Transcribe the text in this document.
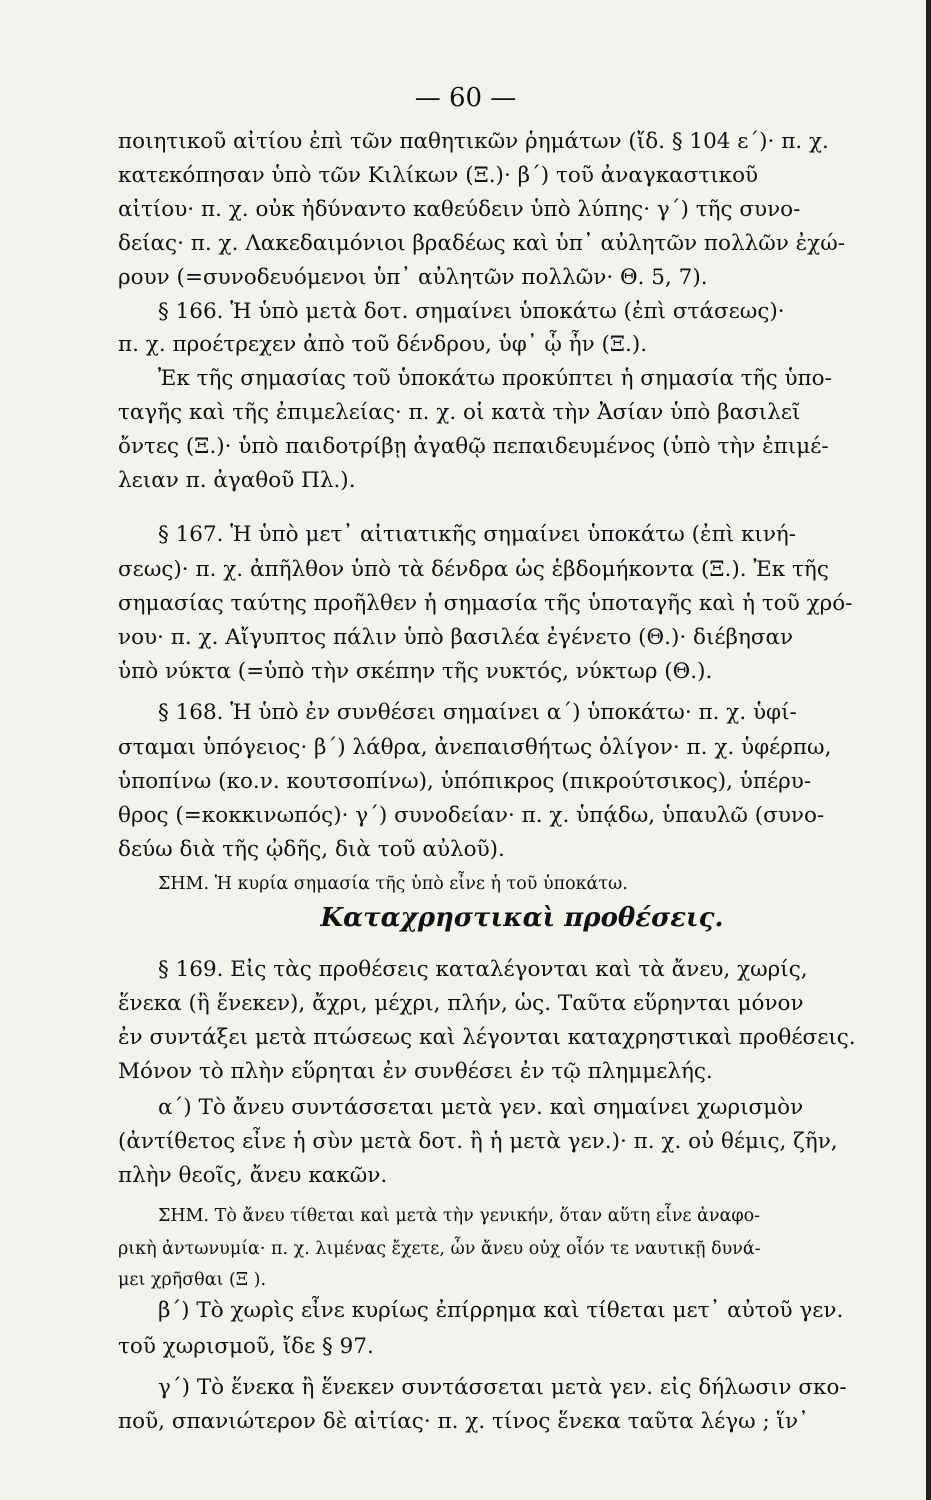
— 60 —
ποιητικοῦ αἰτίου ἐπὶ τῶν παθητικῶν ῥημάτων (ἴδ. § 104 ε΄)· π. χ.
κατεκόπησαν ὑπὸ τῶν Κιλίκων (Ξ.)· β΄) τοῦ ἀναγκαστικοῦ
αἰτίου· π. χ. οὐκ ἠδύναντο καθεύδειν ὑπὸ λύπης· γ΄) τῆς συνο-
δείας· π. χ. Λακεδαιμόνιοι βραδέως καὶ ὑπ᾿ αὐλητῶν πολλῶν ἐχώ-
ρουν (=συνοδευόμενοι ὑπ᾿ αὐλητῶν πολλῶν· Θ. 5, 7).
§ 166. Ἡ ὑπὸ μετὰ δοτ. σημαίνει ὑποκάτω (ἐπὶ στάσεως)·
π. χ. προέτρεχεν ἀπὸ τοῦ δένδρου, ὑφ᾿ ᾧ ἦν (Ξ.).
Ἐκ τῆς σημασίας τοῦ ὑποκάτω προκύπτει ἡ σημασία τῆς ὑπο-
ταγῆς καὶ τῆς ἐπιμελείας· π. χ. οἱ κατὰ τὴν Ἀσίαν ὑπὸ βασιλεῖ
ὄντες (Ξ.)· ὑπὸ παιδοτρίβῃ ἀγαθῷ πεπαιδευμένος (ὑπὸ τὴν ἐπιμέ-
λειαν π. ἀγαθοῦ Πλ.).
§ 167. Ἡ ὑπὸ μετ᾿ αἰτιατικῆς σημαίνει ὑποκάτω (ἐπὶ κινή-
σεως)· π. χ. ἀπῆλθον ὑπὸ τὰ δένδρα ὡς ἑβδομήκοντα (Ξ.). Ἐκ τῆς
σημασίας ταύτης προῆλθεν ἡ σημασία τῆς ὑποταγῆς καὶ ἡ τοῦ χρό-
νου· π. χ. Αἴγυπτος πάλιν ὑπὸ βασιλέα ἐγένετο (Θ.)· διέβησαν
ὑπὸ νύκτα (=ὑπὸ τὴν σκέπην τῆς νυκτός, νύκτωρ (Θ.).
§ 168. Ἡ ὑπὸ ἐν συνθέσει σημαίνει α΄) ὑποκάτω· π. χ. ὑφί-
σταμαι ὑπόγειος· β΄) λάθρα, ἀνεπαισθήτως ὀλίγον· π. χ. ὑφέρπω,
ὑποπίνω (κο.ν. κουτσοπίνω), ὑπόπικρος (πικρούτσικος), ὑπέρυ-
θρος (=κοκκινωπός)· γ΄) συνοδείαν· π. χ. ὑπᾴδω, ὑπαυλῶ (συνο-
δεύω διὰ τῆς ᾠδῆς, διὰ τοῦ αὐλοῦ).
ΣΗΜ. Ἡ κυρία σημασία τῆς ὑπὸ εἶνε ἡ τοῦ ὑποκάτω.
Καταχρηστικαὶ προθέσεις.
§ 169. Εἰς τὰς προθέσεις καταλέγονται καὶ τὰ ἄνευ, χωρίς,
ἕνεκα (ἢ ἕνεκεν), ἄχρι, μέχρι, πλήν, ὡς. Ταῦτα εὕρηνται μόνον
ἐν συντάξει μετὰ πτώσεως καὶ λέγονται καταχρηστικαὶ προθέσεις.
Μόνον τὸ πλὴν εὕρηται ἐν συνθέσει ἐν τῷ πλημμελής.
α΄) Τὸ ἄνευ συντάσσεται μετὰ γεν. καὶ σημαίνει χωρισμὸν
(ἀντίθετος εἶνε ἡ σὺν μετὰ δοτ. ἢ ἡ μετὰ γεν.)· π. χ. οὐ θέμις, ζῆν,
πλὴν θεοῖς, ἄνευ κακῶν.
ΣΗΜ. Τὸ ἄνευ τίθεται καὶ μετὰ τὴν γενικήν, ὅταν αὕτη εἶνε ἀναφο-
ρικὴ ἀντωνυμία· π. χ. λιμένας ἔχετε, ὧν ἄνευ οὐχ οἷόν τε ναυτικῇ δυνά-
μει χρῆσθαι (Ξ ).
β΄) Τὸ χωρὶς εἶνε κυρίως ἐπίρρημα καὶ τίθεται μετ᾿ αὐτοῦ γεν.
τοῦ χωρισμοῦ, ἴδε § 97.
γ΄) Τὸ ἕνεκα ἢ ἕνεκεν συντάσσεται μετὰ γεν. εἰς δήλωσιν σκο-
ποῦ, σπανιώτερον δὲ αἰτίας· π. χ. τίνος ἕνεκα ταῦτα λέγω ; ἵν᾿
